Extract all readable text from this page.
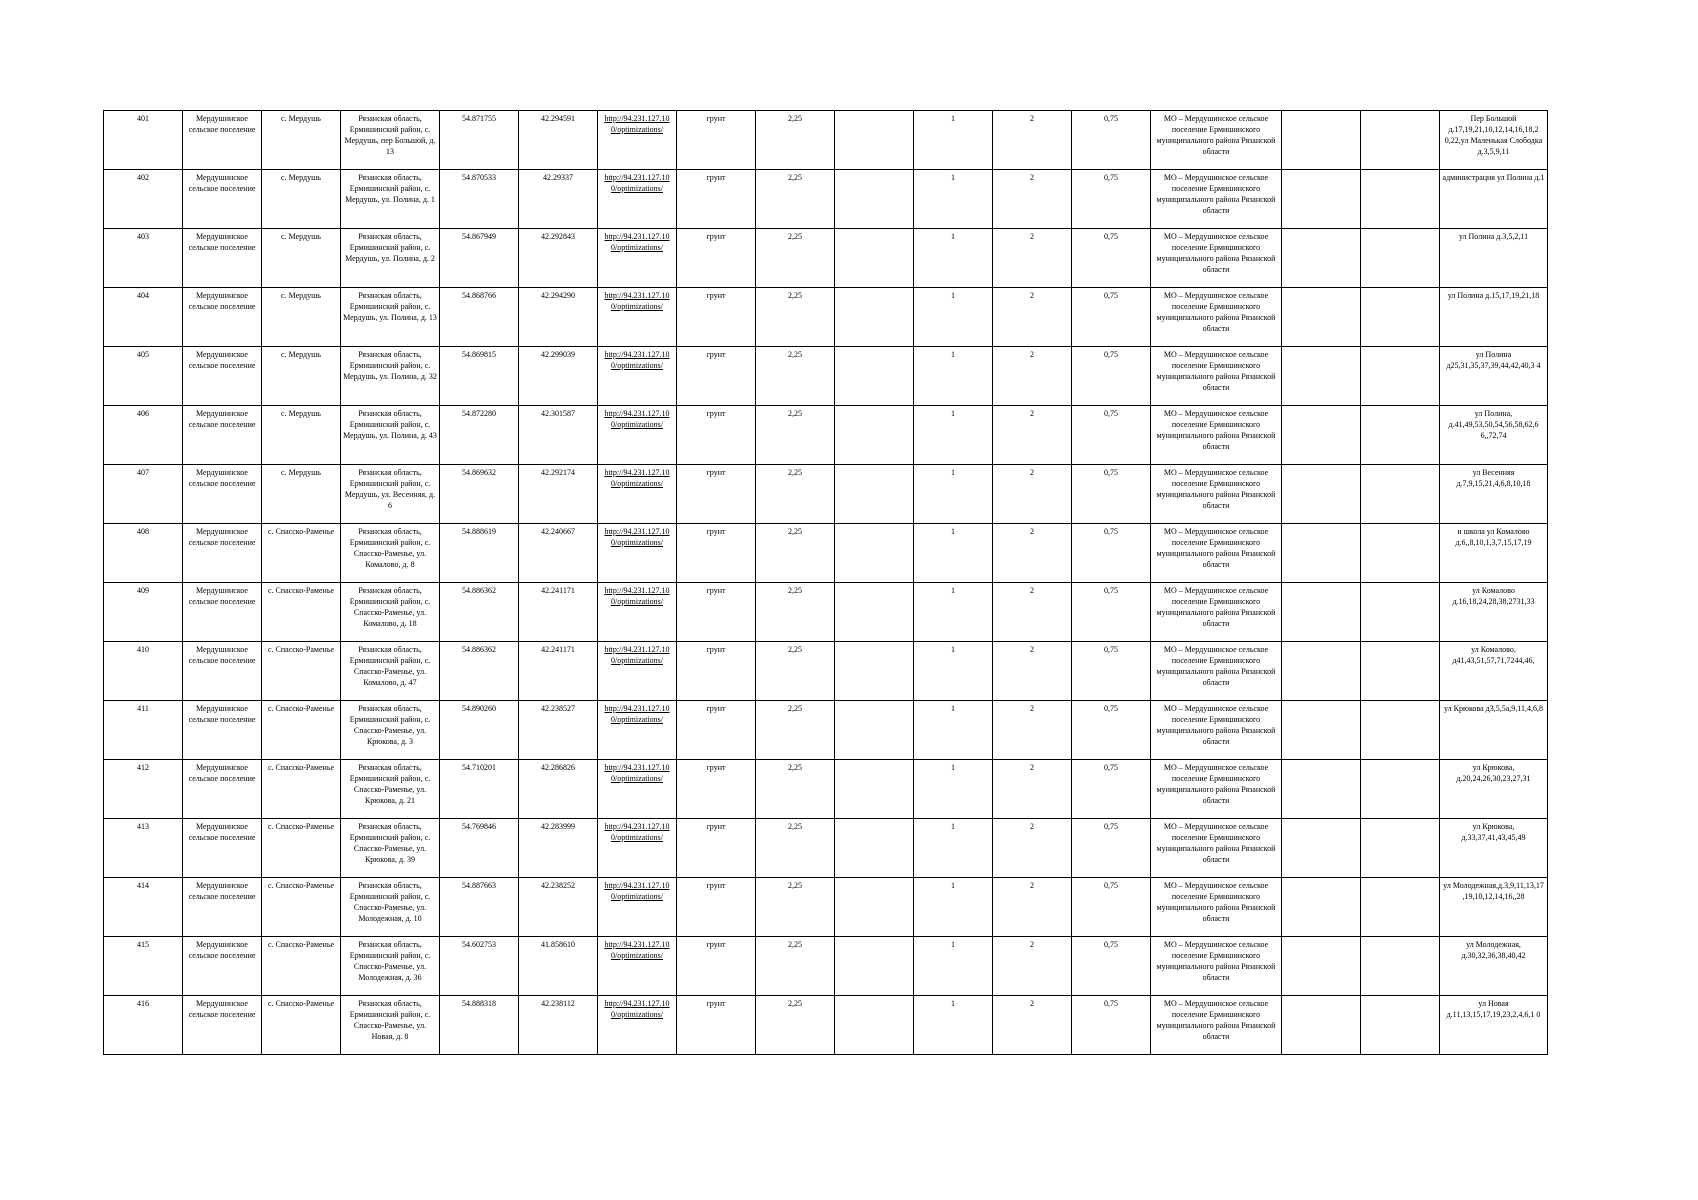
401	Мердушинское сельское поселение	с. Мердушь	Рязанская область, Ермишинский район, с. Мердушь, пер Большой, д. 13	54.871755	42.294591	http://94.231.127.10 0/optimizations/	грунт	2,25		1	2	0,75	МО – Мердушинское сельское поселение Ермишинского муниципального района Рязанской области			Пер Большой д.17,19,21,10,12,14,16,18,2 0,22,ул Маленькая Слободка д.3,5,9,11
402	Мердушинское сельское поселение	с. Мердушь	Рязанская область, Ермишинский район, с. Мердушь, ул. Полина, д. 1	54.870533	42.29337	http://94.231.127.10 0/optimizations/	грунт	2,25		1	2	0,75	МО – Мердушинское сельское поселение Ермишинского муниципального района Рязанской области			администрация ул Полина д.1
403	Мердушинское сельское поселение	с. Мердушь	Рязанская область, Ермишинский район, с. Мердушь, ул. Полина, д. 2	54.867949	42.292843	http://94.231.127.10 0/optimizations/	грунт	2,25		1	2	0,75	МО – Мердушинское сельское поселение Ермишинского муниципального района Рязанской области			ул Полина д.3,5,2,11
404	Мердушинское сельское поселение	с. Мердушь	Рязанская область, Ермишинский район, с. Мердушь, ул. Полина, д. 13	54.868766	42.294290	http://94.231.127.10 0/optimizations/	грунт	2,25		1	2	0,75	МО – Мердушинское сельское поселение Ермишинского муниципального района Рязанской области			ул Полина д.15,17,19,21,18
405	Мердушинское сельское поселение	с. Мердушь	Рязанская область, Ермишинский район, с. Мердушь, ул. Полина, д. 32	54.869815	42.299039	http://94.231.127.10 0/optimizations/	грунт	2,25		1	2	0,75	МО – Мердушинское сельское поселение Ермишинского муниципального района Рязанской области			ул Полина д25,31,35,37,39,44,42,40,3 4
406	Мердушинское сельское поселение	с. Мердушь	Рязанская область, Ермишинский район, с. Мердушь, ул. Полина, д. 43	54.872280	42.301587	http://94.231.127.10 0/optimizations/	грунт	2,25		1	2	0,75	МО – Мердушинское сельское поселение Ермишинского муниципального района Рязанской области			ул Полина, д.41,49,53,50,54,56,58,62,6 6,,72,74
407	Мердушинское сельское поселение	с. Мердушь	Рязанская область, Ермишинский район, с. Мердушь, ул. Весенняя, д. 6	54.869632	42.292174	http://94.231.127.10 0/optimizations/	грунт	2,25		1	2	0,75	МО – Мердушинское сельское поселение Ермишинского муниципального района Рязанской области			ул Весенняя д.7,9,15,21,4,6,8,10,18
408	Мердушинское сельское поселение	с. Спасско-Раменье	Рязанская область, Ермишинский район, с. Спасско-Раменье, ул. Комалово, д. 8	54.888619	42.240667	http://94.231.127.10 0/optimizations/	грунт	2,25		1	2	0,75	МО – Мердушинское сельское поселение Ермишинского муниципального района Рязанской области			и школа ул Комалово д.6,,8,10,1,3,7,15,17,19
409	Мердушинское сельское поселение	с. Спасско-Раменье	Рязанская область, Ермишинский район, с. Спасско-Раменье, ул. Комалово, д. 18	54.886362	42.241171	http://94.231.127.10 0/optimizations/	грунт	2,25		1	2	0,75	МО – Мердушинское сельское поселение Ермишинского муниципального района Рязанской области			ул Комалово д.16,18,24,28,38,2731,33
410	Мердушинское сельское поселение	с. Спасско-Раменье	Рязанская область, Ермишинский район, с. Спасско-Раменье, ул. Комалово, д. 47	54.886362	42.241171	http://94.231.127.10 0/optimizations/	грунт	2,25		1	2	0,75	МО – Мердушинское сельское поселение Ермишинского муниципального района Рязанской области			ул Комалово, д41,43,51,57,71,7244,46,
411	Мердушинское сельское поселение	с. Спасско-Раменье	Рязанская область, Ермишинский район, с. Спасско-Раменье, ул. Крюкова, д. 3	54.890260	42.238527	http://94.231.127.10 0/optimizations/	грунт	2,25		1	2	0,75	МО – Мердушинское сельское поселение Ермишинского муниципального района Рязанской области			ул Крюкова д3,5,5а,9,11,4,6,8
412	Мердушинское сельское поселение	с. Спасско-Раменье	Рязанская область, Ермишинский район, с. Спасско-Раменье, ул. Крюкова, д. 21	54.710201	42.286826	http://94.231.127.10 0/optimizations/	грунт	2,25		1	2	0,75	МО – Мердушинское сельское поселение Ермишинского муниципального района Рязанской области			ул Крюкова, д.20,24,26,30,23,27,31
413	Мердушинское сельское поселение	с. Спасско-Раменье	Рязанская область, Ермишинский район, с. Спасско-Раменье, ул. Крюкова, д. 39	54.769846	42.283999	http://94.231.127.10 0/optimizations/	грунт	2,25		1	2	0,75	МО – Мердушинское сельское поселение Ермишинского муниципального района Рязанской области			ул Крюкова, д.33,37,41,43,45,49
414	Мердушинское сельское поселение	с. Спасско-Раменье	Рязанская область, Ермишинский район, с. Спасско-Раменье, ул. Молодежная, д. 10	54.887663	42.238252	http://94.231.127.10 0/optimizations/	грунт	2,25		1	2	0,75	МО – Мердушинское сельское поселение Ермишинского муниципального района Рязанской области			ул Молодежная,д.3,9,11,13,17 ,19,10,12,14,16,,28
415	Мердушинское сельское поселение	с. Спасско-Раменье	Рязанская область, Ермишинский район, с. Спасско-Раменье, ул. Молодежная, д. 36	54.602753	41.858610	http://94.231.127.10 0/optimizations/	грунт	2,25		1	2	0,75	МО – Мердушинское сельское поселение Ермишинского муниципального района Рязанской области			ул Молодежная, д.30,32,36,38,40,42
416	Мердушинское сельское поселение	с. Спасско-Раменье	Рязанская область, Ермишинский район, с. Спасско-Раменье, ул. Новая, д. 8	54.888318	42.238112	http://94.231.127.10 0/optimizations/	грунт	2,25		1	2	0,75	МО – Мердушинское сельское поселение Ермишинского муниципального района Рязанской области			ул Новая д.11,13,15,17,19,23,2,4,6,1 0
